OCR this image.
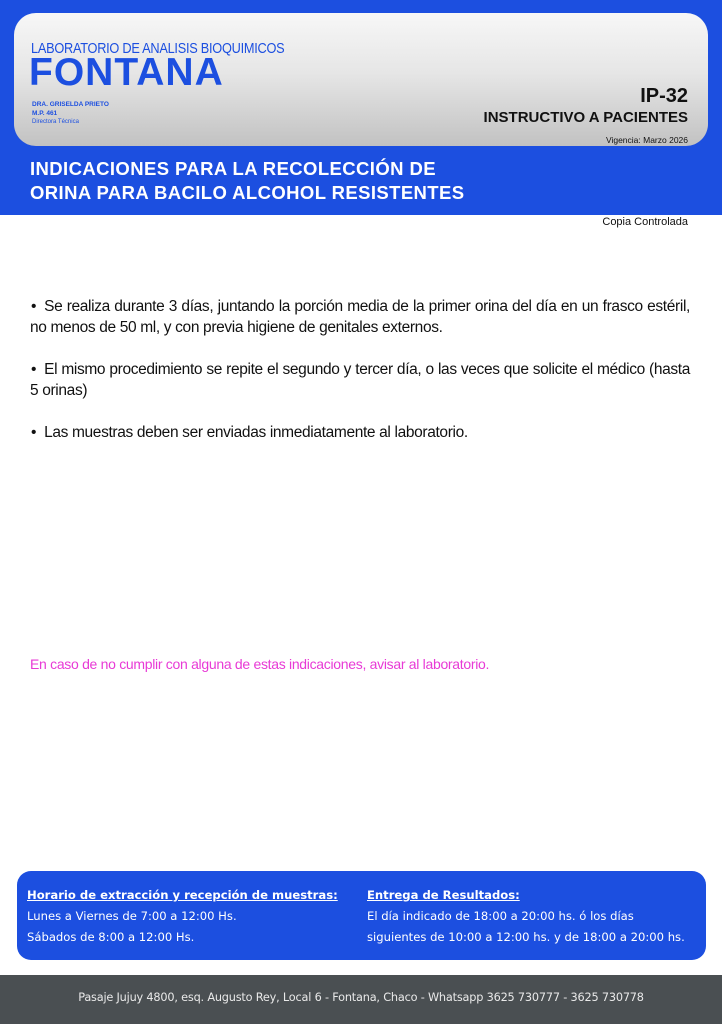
LABORATORIO DE ANALISIS BIOQUIMICOS
FONTANA
DRA. GRISELDA PRIETO
M.P. 461
Directora Técnica
IP-32
INSTRUCTIVO A PACIENTES
Vigencia: Marzo 2026
INDICACIONES PARA LA RECOLECCIÓN DE
ORINA PARA BACILO ALCOHOL RESISTENTES
Copia Controlada
• Se realiza durante 3 días, juntando la porción media de la primer orina del día en un frasco estéril, no menos de 50 ml, y con previa higiene de genitales externos.
• El mismo procedimiento se repite el segundo y tercer día, o las veces que solicite el médico (hasta 5 orinas)
• Las muestras deben ser enviadas inmediatamente al laboratorio.
En caso de no cumplir con alguna de estas indicaciones, avisar al laboratorio.
Horario de extracción y recepción de muestras:
Lunes a Viernes de 7:00 a 12:00 Hs.
Sábados de 8:00 a 12:00 Hs.
Entrega de Resultados:
El día indicado de 18:00 a 20:00 hs. ó los días
siguientes de 10:00 a 12:00 hs. y de 18:00 a 20:00 hs.
Pasaje Jujuy 4800, esq. Augusto Rey, Local 6 - Fontana, Chaco - Whatsapp 3625 730777 - 3625 730778
